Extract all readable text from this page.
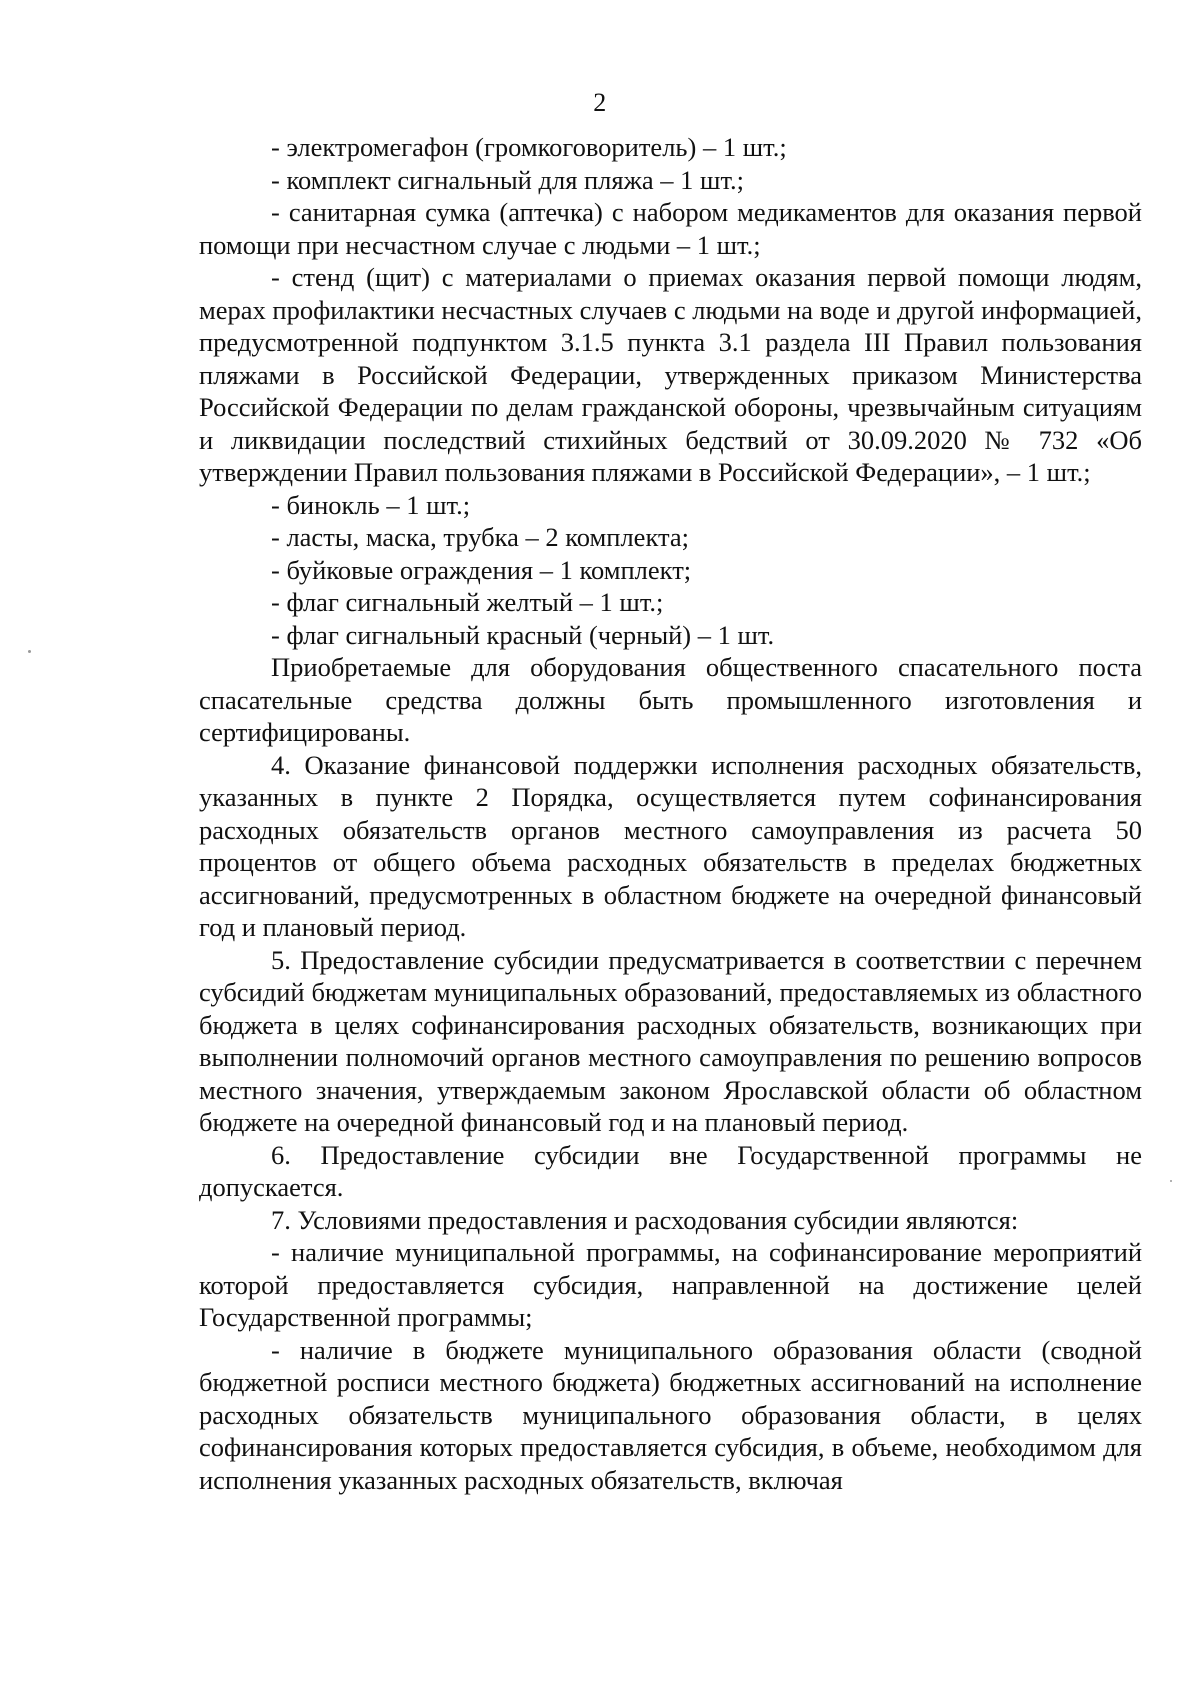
2

- электромегафон (громкоговоритель) – 1 шт.;

- комплект сигнальный для пляжа – 1 шт.;

- санитарная сумка (аптечка) с набором медикаментов для оказания первой помощи при несчастном случае с людьми – 1 шт.;

- стенд (щит) с материалами о приемах оказания первой помощи людям, мерах профилактики несчастных случаев с людьми на воде и другой информацией, предусмотренной подпунктом 3.1.5 пункта 3.1 раздела III Правил пользования пляжами в Российской Федерации, утвержденных приказом Министерства Российской Федерации по делам гражданской обороны, чрезвычайным ситуациям и ликвидации последствий стихийных бедствий от 30.09.2020 № 732 «Об утверждении Правил пользования пляжами в Российской Федерации», – 1 шт.;

- бинокль – 1 шт.;

- ласты, маска, трубка – 2 комплекта;

- буйковые ограждения – 1 комплект;

- флаг сигнальный желтый – 1 шт.;

- флаг сигнальный красный (черный) – 1 шт.

Приобретаемые для оборудования общественного спасательного поста спасательные средства должны быть промышленного изготовления и сертифицированы.

4. Оказание финансовой поддержки исполнения расходных обязательств, указанных в пункте 2 Порядка, осуществляется путем софинансирования расходных обязательств органов местного самоуправления из расчета 50 процентов от общего объема расходных обязательств в пределах бюджетных ассигнований, предусмотренных в областном бюджете на очередной финансовый год и плановый период.

5. Предоставление субсидии предусматривается в соответствии с перечнем субсидий бюджетам муниципальных образований, предоставляемых из областного бюджета в целях софинансирования расходных обязательств, возникающих при выполнении полномочий органов местного самоуправления по решению вопросов местного значения, утверждаемым законом Ярославской области об областном бюджете на очередной финансовый год и на плановый период.

6. Предоставление субсидии вне Государственной программы не допускается.

7. Условиями предоставления и расходования субсидии являются:

- наличие муниципальной программы, на софинансирование мероприятий которой предоставляется субсидия, направленной на достижение целей Государственной программы;

- наличие в бюджете муниципального образования области (сводной бюджетной росписи местного бюджета) бюджетных ассигнований на исполнение расходных обязательств муниципального образования области, в целях софинансирования которых предоставляется субсидия, в объеме, необходимом для исполнения указанных расходных обязательств, включая
